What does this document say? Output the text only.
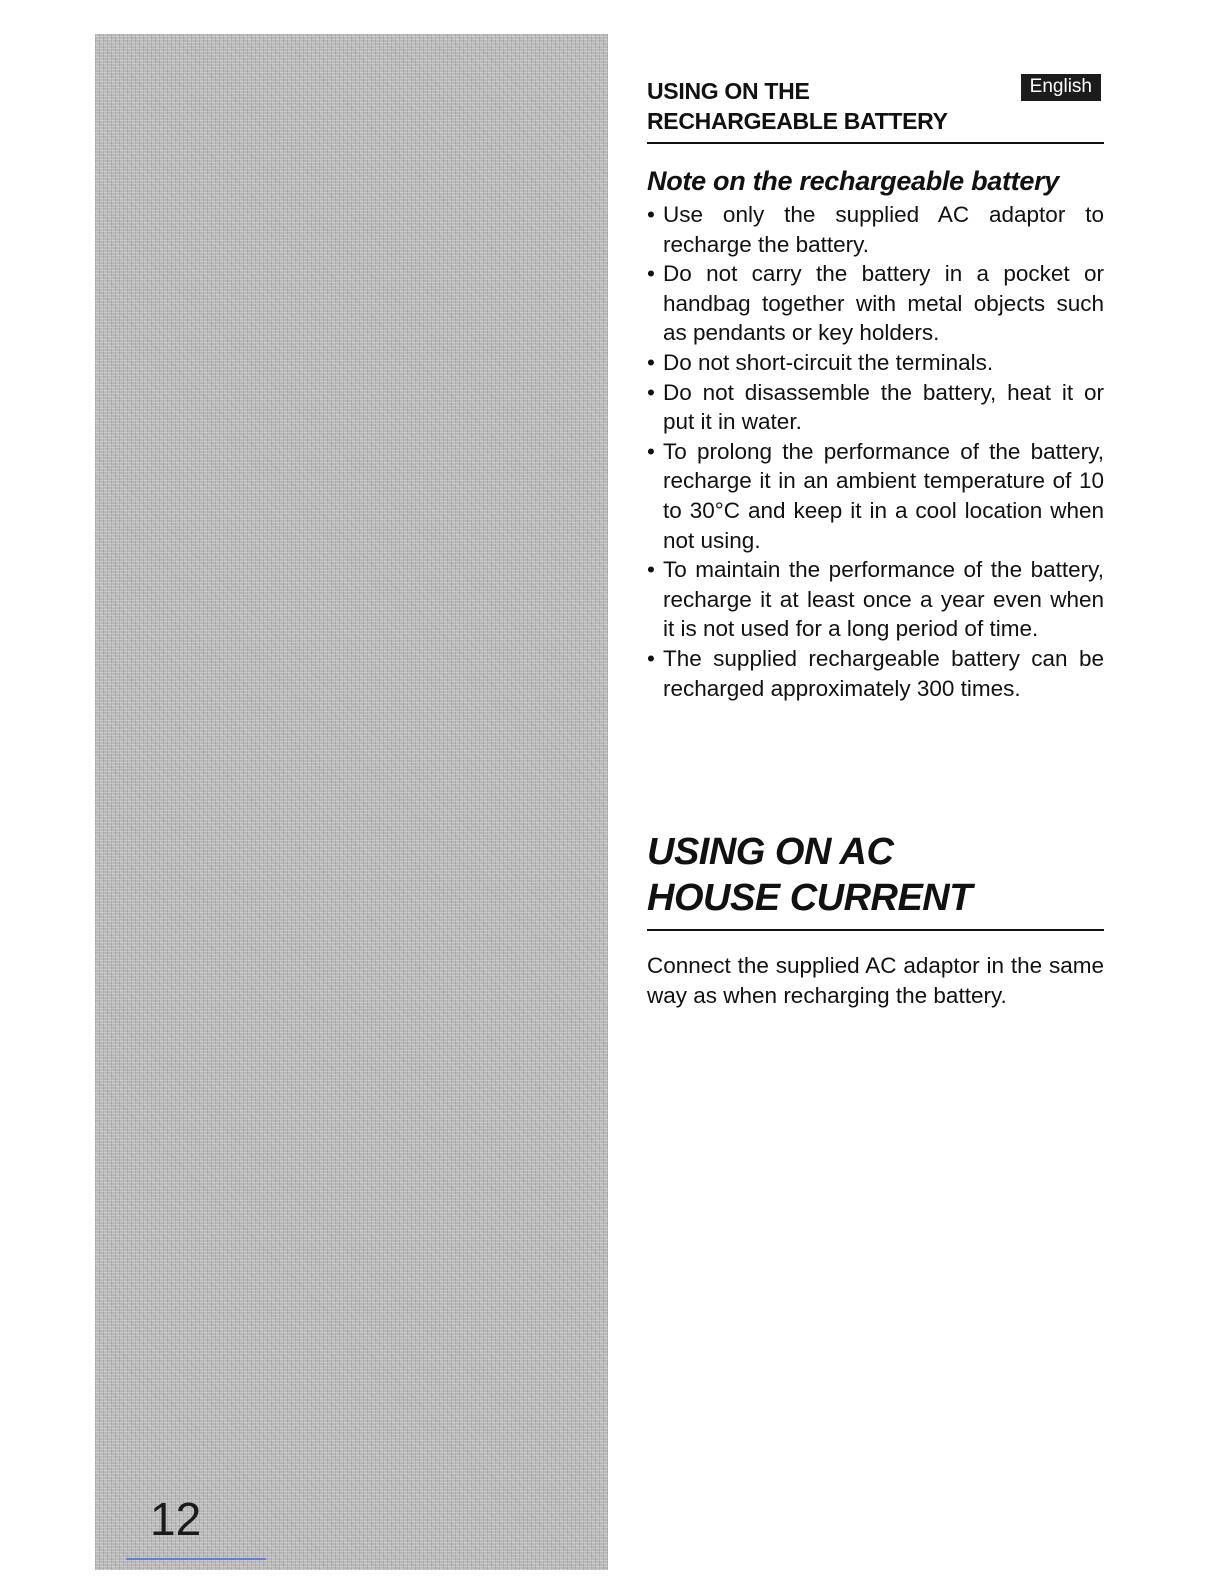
12
USING ON THE RECHARGEABLE BATTERY
English
Note on the rechargeable battery
• Use only the supplied AC adaptor to recharge the battery.
• Do not carry the battery in a pocket or handbag together with metal objects such as pendants or key holders.
• Do not short-circuit the terminals.
• Do not disassemble the battery, heat it or put it in water.
• To prolong the performance of the battery, recharge it in an ambient temperature of 10 to 30°C and keep it in a cool location when not using.
• To maintain the performance of the battery, recharge it at least once a year even when it is not used for a long period of time.
• The supplied rechargeable battery can be recharged approximately 300 times.
USING ON AC HOUSE CURRENT

Connect the supplied AC adaptor in the same way as when recharging the battery.
